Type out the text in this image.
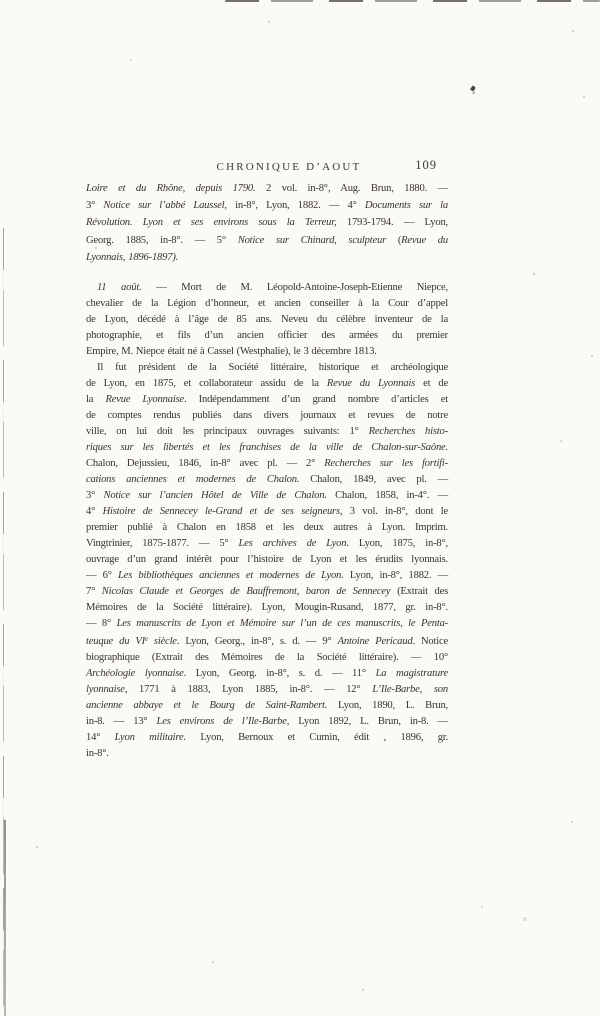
CHRONIQUE D’AOUT	109
Loire et du Rhône, depuis 1790. 2 vol. in-8°, Aug. Brun, 1880. —
3° Notice sur l’abbé Laussel, in-8°, Lyon, 1882. — 4° Documents sur la
Révolution. Lyon et ses environs sous la Terreur, 1793-1794. — Lyon,
Georg. 1885, in-8°. — 5° Notice sur Chinard, sculpteur (Revue du
Lyonnais, 1896-1897).
11 août. — Mort de M. Léopold-Antoine-Joseph-Etienne Niepce,
chevalier de la Légion d’honneur, et ancien conseiller à la Cour d’appel
de Lyon, décédé à l’âge de 85 ans. Neveu du célèbre inventeur de la
photographie, et fils d’un ancien officier des armées du premier
Empire, M. Niepce était né à Cassel (Westphalie), le 3 décembre 1813.
Il fut président de la Société littéraire, historique et archéologique
de Lyon, en 1875, et collaborateur assidu de la Revue du Lyonnais et de
la Revue Lyonnaise. Indépendamment d’un grand nombre d’articles et
de comptes rendus publiés dans divers journaux et revues de notre
ville, on lui doit les principaux ouvrages suivants: 1° Recherches histo-
riques sur les libertés et les franchises de la ville de Chalon-sur-Saône.
Chalon, Dejussieu, 1846, in-8° avec pl. — 2° Recherches sur les fortifi-
cations anciennes et modernes de Chalon. Chalon, 1849, avec pl. —
3° Notice sur l’ancien Hôtel de Ville de Chalon. Chalon, 1858, in-4°. —
4° Histoire de Sennecey le-Grand et de ses seigneurs, 3 vol. in-8°, dont le
premier publié à Chalon en 1858 et les deux autres à Lyon. Imprim.
Vingtrinier, 1875-1877. — 5° Les archives de Lyon. Lyon, 1875, in-8°,
ouvrage d’un grand intérêt pour l’histoire de Lyon et les érudits lyonnais.
— 6° Les bibliothèques anciennes et modernes de Lyon. Lyon, in-8°, 1882. —
7° Nicolas Claude et Georges de Bauffremont, baron de Sennecey (Extrait des
Mémoires de la Société littéraire). Lyon, Mougin-Rusand, 1877, gr. in-8°.
— 8° Les manuscrits de Lyon et Mémoire sur l’un de ces manuscrits, le Penta-
teuque du VIe siècle. Lyon, Georg., in-8°, s. d. — 9° Antoine Pericaud. Notice
biographique (Extrait des Mémoires de la Société littéraire). — 10°
Archéologie lyonnaise. Lyon, Georg. in-8°, s. d. — 11° La magistrature
lyonnaise, 1771 à 1883, Lyon 1885, in-8°. — 12° L’Ile-Barbe, son
ancienne abbaye et le Bourg de Saint-Rambert. Lyon, 1890, L. Brun,
in-8. — 13° Les environs de l’Ile-Barbe, Lyon 1892, L. Brun, in-8. —
14° Lyon militaire. Lyon, Bernoux et Cumin, édit , 1896, gr.
in-8°.
